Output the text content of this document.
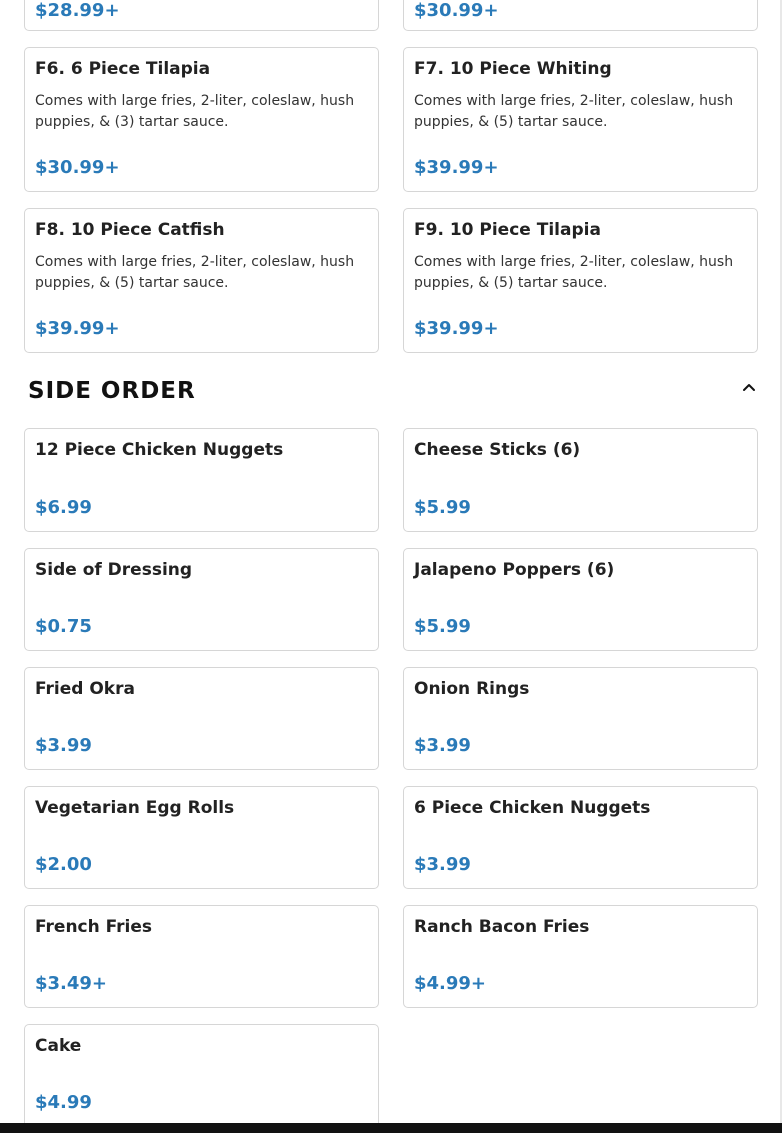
$28.99+	$30.99+
F6. 6 Piece Tilapia

Comes with large fries, 2-liter, coleslaw, hush puppies, & (3) tartar sauce.

$30.99+
F7. 10 Piece Whiting

Comes with large fries, 2-liter, coleslaw, hush puppies, & (5) tartar sauce.

$39.99+
F8. 10 Piece Catfish

Comes with large fries, 2-liter, coleslaw, hush puppies, & (5) tartar sauce.

$39.99+
F9. 10 Piece Tilapia

Comes with large fries, 2-liter, coleslaw, hush puppies, & (5) tartar sauce.

$39.99+
SIDE ORDER
12 Piece Chicken Nuggets
$6.99
Cheese Sticks (6)
$5.99
Side of Dressing
$0.75
Jalapeno Poppers (6)
$5.99
Fried Okra
$3.99
Onion Rings
$3.99
Vegetarian Egg Rolls
$2.00
6 Piece Chicken Nuggets
$3.99
French Fries
$3.49+
Ranch Bacon Fries
$4.99+
Cake
$4.99
